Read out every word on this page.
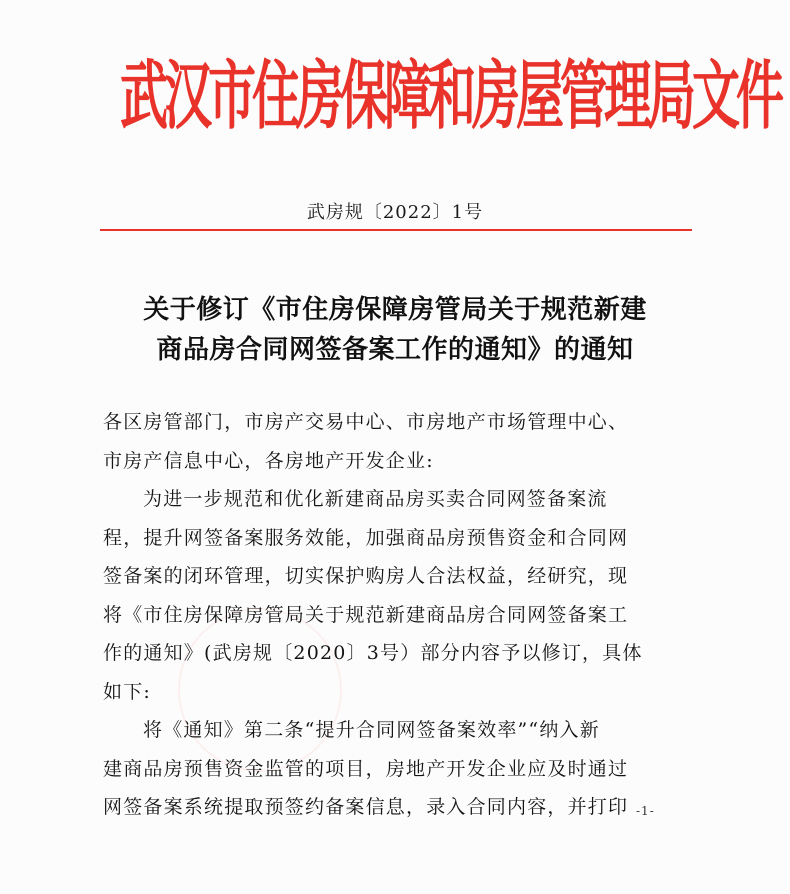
武汉市住房保障和房屋管理局文件
武房规〔2022〕1号
关于修订《市住房保障房管局关于规范新建
商品房合同网签备案工作的通知》的通知
各区房管部门，市房产交易中心、市房地产市场管理中心、
市房产信息中心，各房地产开发企业:
为进一步规范和优化新建商品房买卖合同网签备案流
程，提升网签备案服务效能，加强商品房预售资金和合同网
签备案的闭环管理，切实保护购房人合法权益，经研究，现
将《市住房保障房管局关于规范新建商品房合同网签备案工
作的通知》(武房规〔2020〕3号）部分内容予以修订，具体
如下:
将《通知》第二条“提升合同网签备案效率”“纳入新
建商品房预售资金监管的项目，房地产开发企业应及时通过
网签备案系统提取预签约备案信息，录入合同内容，并打印 -1-
